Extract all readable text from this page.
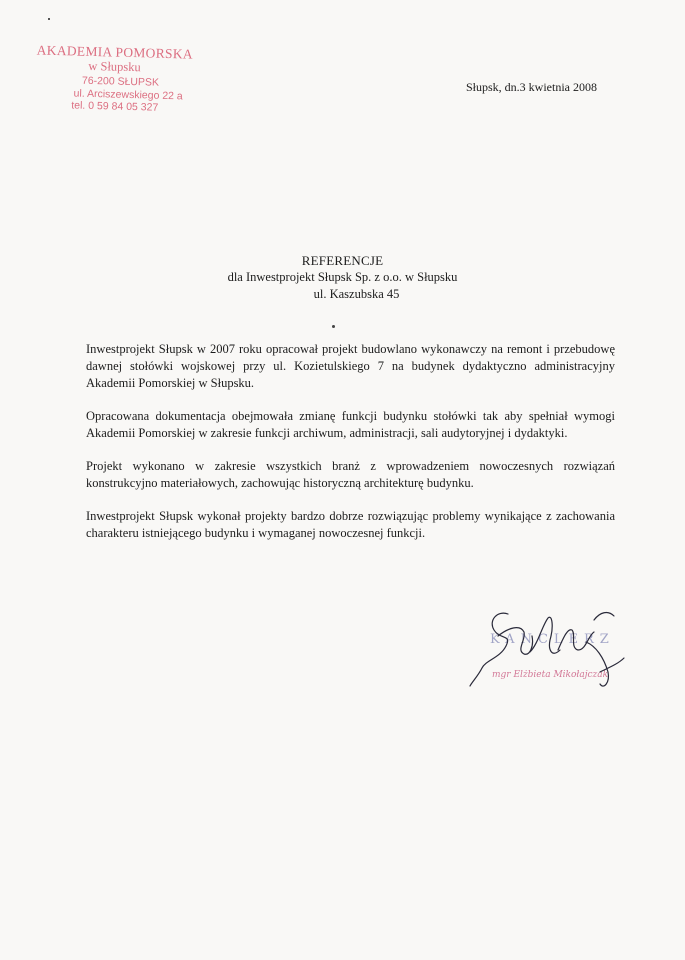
AKADEMIA POMORSKA
w Słupsku
76-200 SŁUPSK
ul. Arciszewskiego 22 a
tel. 0 59 84 05 327
Słupsk, dn.3 kwietnia 2008
REFERENCJE
dla Inwestprojekt Słupsk Sp. z o.o. w Słupsku
ul. Kaszubska 45

Inwestprojekt Słupsk w 2007 roku opracował projekt budowlano wykonawczy na remont i przebudowę dawnej stołówki wojskowej przy ul. Kozietulskiego 7 na budynek dydaktyczno administracyjny Akademii Pomorskiej w Słupsku.

Opracowana dokumentacja obejmowała zmianę funkcji budynku stołówki tak aby spełniał wymogi Akademii Pomorskiej w zakresie funkcji archiwum, administracji, sali audytoryjnej i dydaktyki.

Projekt wykonano w zakresie wszystkich branż z wprowadzeniem nowoczesnych rozwiązań konstrukcyjno materiałowych, zachowując historyczną architekturę budynku.

Inwestprojekt Słupsk wykonał projekty bardzo dobrze rozwiązując problemy wynikające z zachowania charakteru istniejącego budynku i wymaganej nowoczesnej funkcji.

KANCLERZ
mgr Elżbieta Mikołajczak
